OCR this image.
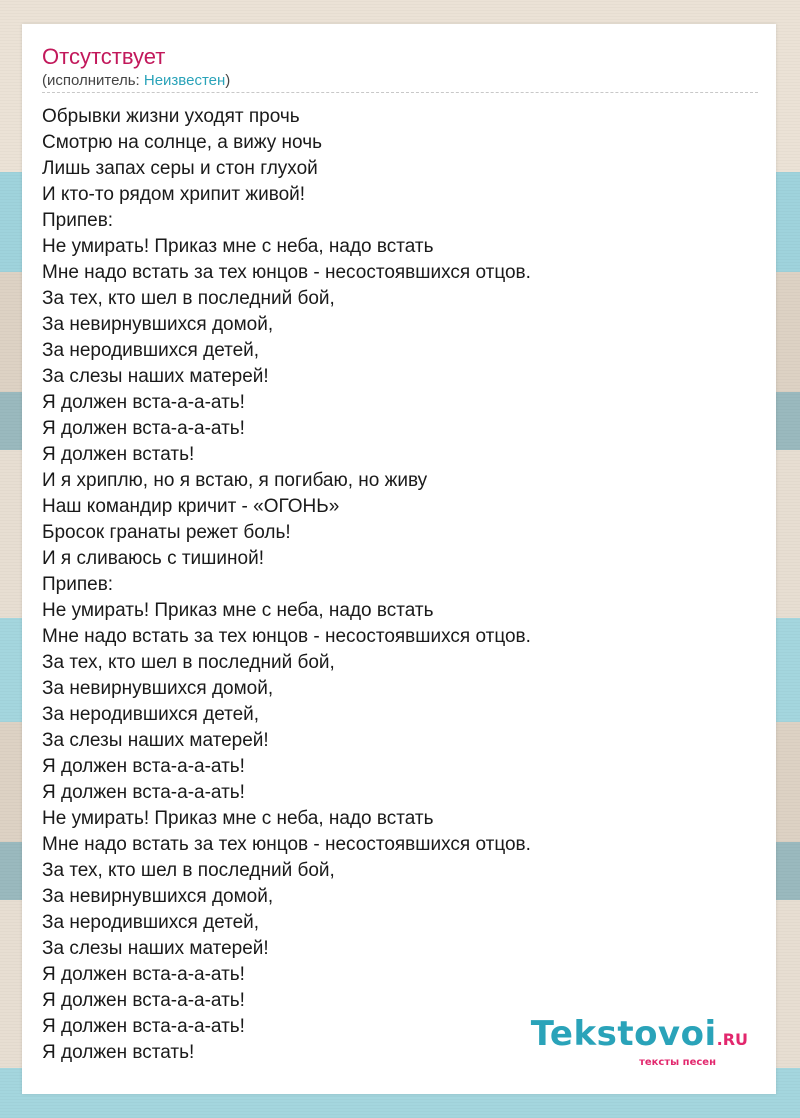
Отсутствует
(исполнитель: Неизвестен)
Обрывки жизни уходят прочь
Смотрю на солнце, а вижу ночь
Лишь запах серы и стон глухой
И кто-то рядом хрипит живой!
Припев:
Не умирать! Приказ мне с неба, надо встать
Мне надо встать за тех юнцов - несостоявшихся отцов.
За тех, кто шел в последний бой,
За невирнувшихся домой,
За неродившихся детей,
За слезы наших матерей!
Я должен вста-а-а-ать!
Я должен вста-а-а-ать!
Я должен встать!
И я хриплю, но я встаю, я погибаю, но живу
Наш командир кричит - «ОГОНЬ»
Бросок гранаты режет боль!
И я сливаюсь с тишиной!
Припев:
Не умирать! Приказ мне с неба, надо встать
Мне надо встать за тех юнцов - несостоявшихся отцов.
За тех, кто шел в последний бой,
За невирнувшихся домой,
За неродившихся детей,
За слезы наших матерей!
Я должен вста-а-а-ать!
Я должен вста-а-а-ать!
Не умирать! Приказ мне с неба, надо встать
Мне надо встать за тех юнцов - несостоявшихся отцов.
За тех, кто шел в последний бой,
За невирнувшихся домой,
За неродившихся детей,
За слезы наших матерей!
Я должен вста-а-а-ать!
Я должен вста-а-а-ать!
Я должен вста-а-а-ать!
Я должен встать!	Tekstovoi.RU
тексты песен
